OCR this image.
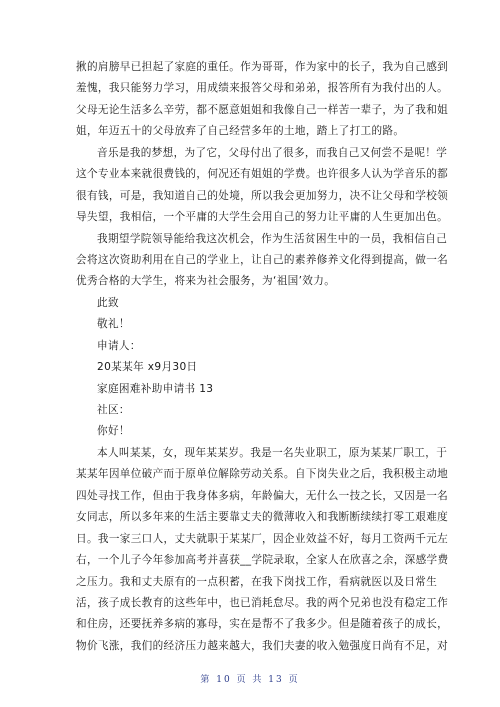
揪的肩膀早已担起了家庭的重任。作为哥哥，作为家中的长子，我为自己感到
羞愧，我只能努力学习，用成绩来报答父母和弟弟，报答所有为我付出的人。
父母无论生活多么辛劳，都不愿意姐姐和我像自己一样苦一辈子，为了我和姐
姐，年迈五十的父母放弃了自己经营多年的土地，踏上了打工的路。
音乐是我的梦想，为了它，父母付出了很多，而我自己又何尝不是呢！学
这个专业本来就很费钱的，何况还有姐姐的学费。也许很多人认为学音乐的都
很有钱，可是，我知道自己的处境，所以我会更加努力，决不让父母和学校领
导失望，我相信，一个平庸的大学生会用自己的努力让平庸的人生更加出色。
我期望学院领导能给我这次机会，作为生活贫困生中的一员，我相信自己
会将这次资助利用在自己的学业上，让自己的素养修养文化得到提高，做一名
优秀合格的大学生，将来为社会服务，为‘祖国’效力。
此致
敬礼！
申请人：
20某某年 x9月30日
家庭困难补助申请书 13
社区：
你好！
本人叫某某，女，现年某某岁。我是一名失业职工，原为某某厂职工，于
某某年因单位破产而于原单位解除劳动关系。自下岗失业之后，我积极主动地
四处寻找工作，但由于我身体多病，年龄偏大，无什么一技之长，又因是一名
女同志，所以多年来的生活主要靠丈夫的微薄收入和我断断续续打零工艰难度
日。我一家三口人，丈夫就职于某某厂，因企业效益不好，每月工资两千元左
右，一个儿子今年参加高考并喜获__学院录取，全家人在欣喜之余，深感学费
之压力。我和丈夫原有的一点积蓄，在我下岗找工作，看病就医以及日常生
活，孩子成长教育的这些年中，也已消耗怠尽。我的两个兄弟也没有稳定工作
和住房，还要抚养多病的寡母，实在是帮不了我多少。但是随着孩子的成长，
物价飞涨，我们的经济压力越来越大，我们夫妻的收入勉强度日尚有不足，对
第 10 页 共 13 页
